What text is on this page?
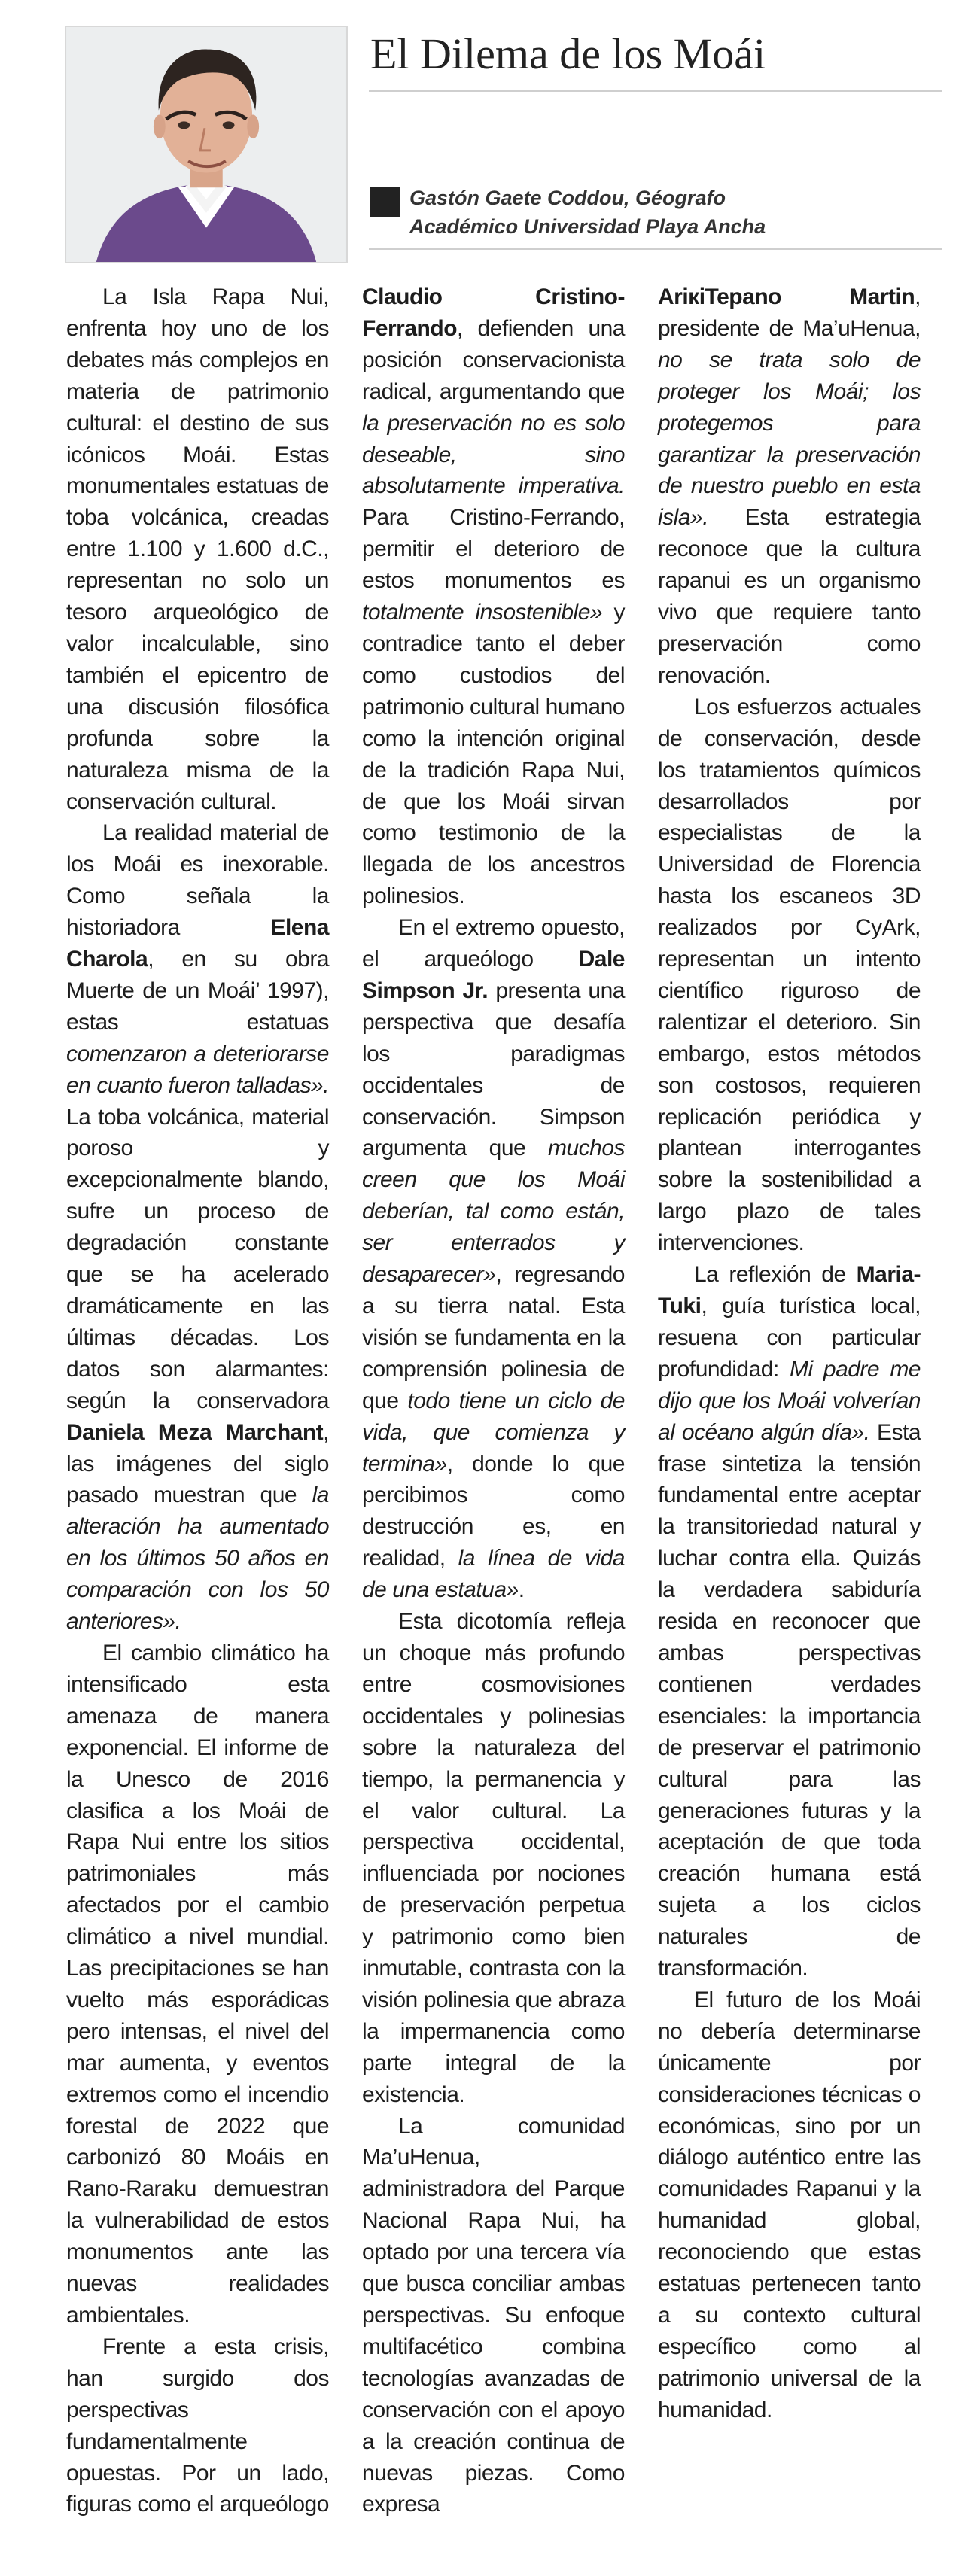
El Dilema de los Moái
Gastón Gaete Coddou, Géografo
Académico Universidad Playa Ancha

La Isla Rapa Nui, enfrenta hoy uno de los debates más complejos en materia de patrimonio cultural: el destino de sus icónicos Moái. Estas monumentales estatuas de toba volcánica, creadas entre 1.100 y 1.600 d.C., representan no solo un tesoro arqueológico de valor incalculable, sino también el epicentro de una discusión filosófica profunda sobre la naturaleza misma de la conservación cultural.

La realidad material de los Moái es inexorable. Como señala la historiadora Elena Charola, en su obra Muerte de un Moái’ 1997), estas estatuas comenzaron a deteriorarse en cuanto fueron talladas». La toba volcánica, material poroso y excepcionalmente blando, sufre un proceso de degradación constante que se ha acelerado dramáticamente en las últimas décadas. Los datos son alarmantes: según la conservadora Daniela Meza Marchant, las imágenes del siglo pasado muestran que la alteración ha aumentado en los últimos 50 años en comparación con los 50 anteriores».

El cambio climático ha intensificado esta amenaza de manera exponencial. El informe de la Unesco de 2016 clasifica a los Moái de Rapa Nui entre los sitios patrimoniales más afectados por el cambio climático a nivel mundial. Las precipitaciones se han vuelto más esporádicas pero intensas, el nivel del mar aumenta, y eventos extremos como el incendio forestal de 2022 que carbonizó 80 Moáis en Rano-Raraku demuestran la vulnerabilidad de estos monumentos ante las nuevas realidades ambientales.

Frente a esta crisis, han surgido dos perspectivas fundamentalmente opuestas. Por un lado, figuras como el arqueólogo

Claudio Cristino-Ferrando, defienden una posición conservacionista radical, argumentando que la preservación no es solo deseable, sino absolutamente imperativa. Para Cristino-Ferrando, permitir el deterioro de estos monumentos es totalmente insostenible» y contradice tanto el deber como custodios del patrimonio cultural humano como la intención original de la tradición Rapa Nui, de que los Moái sirvan como testimonio de la llegada de los ancestros polinesios.

En el extremo opuesto, el arqueólogo Dale Simpson Jr. presenta una perspectiva que desafía los paradigmas occidentales de conservación. Simpson argumenta que muchos creen que los Moái deberían, tal como están, ser enterrados y desaparecer», regresando a su tierra natal. Esta visión se fundamenta en la comprensión polinesia de que todo tiene un ciclo de vida, que comienza y termina», donde lo que percibimos como destrucción es, en realidad, la línea de vida de una estatua».

Esta dicotomía refleja un choque más profundo entre cosmovisiones occidentales y polinesias sobre la naturaleza del tiempo, la permanencia y el valor cultural. La perspectiva occidental, influenciada por nociones de preservación perpetua y patrimonio como bien inmutable, contrasta con la visión polinesia que abraza la impermanencia como parte integral de la existencia.

La comunidad Ma’uHenua, administradora del Parque Nacional Rapa Nui, ha optado por una tercera vía que busca conciliar ambas perspectivas. Su enfoque multifacético combina tecnologías avanzadas de conservación con el apoyo a la creación continua de nuevas piezas. Como expresa

AriкiTepano Martin, presidente de Ma’uHenua, no se trata solo de proteger los Moái; los protegemos para garantizar la preservación de nuestro pueblo en esta isla». Esta estrategia reconoce que la cultura rapanui es un organismo vivo que requiere tanto preservación como renovación.

Los esfuerzos actuales de conservación, desde los tratamientos químicos desarrollados por especialistas de la Universidad de Florencia hasta los escaneos 3D realizados por CyArk, representan un intento científico riguroso de ralentizar el deterioro. Sin embargo, estos métodos son costosos, requieren replicación periódica y plantean interrogantes sobre la sostenibilidad a largo plazo de tales intervenciones.

La reflexión de Maria-Tuki, guía turística local, resuena con particular profundidad: Mi padre me dijo que los Moái volverían al océano algún día». Esta frase sintetiza la tensión fundamental entre aceptar la transitoriedad natural y luchar contra ella. Quizás la verdadera sabiduría resida en reconocer que ambas perspectivas contienen verdades esenciales: la importancia de preservar el patrimonio cultural para las generaciones futuras y la aceptación de que toda creación humana está sujeta a los ciclos naturales de transformación.

El futuro de los Moái no debería determinarse únicamente por consideraciones técnicas o económicas, sino por un diálogo auténtico entre las comunidades Rapanui y la humanidad global, reconociendo que estas estatuas pertenecen tanto a su contexto cultural específico como al patrimonio universal de la humanidad.
